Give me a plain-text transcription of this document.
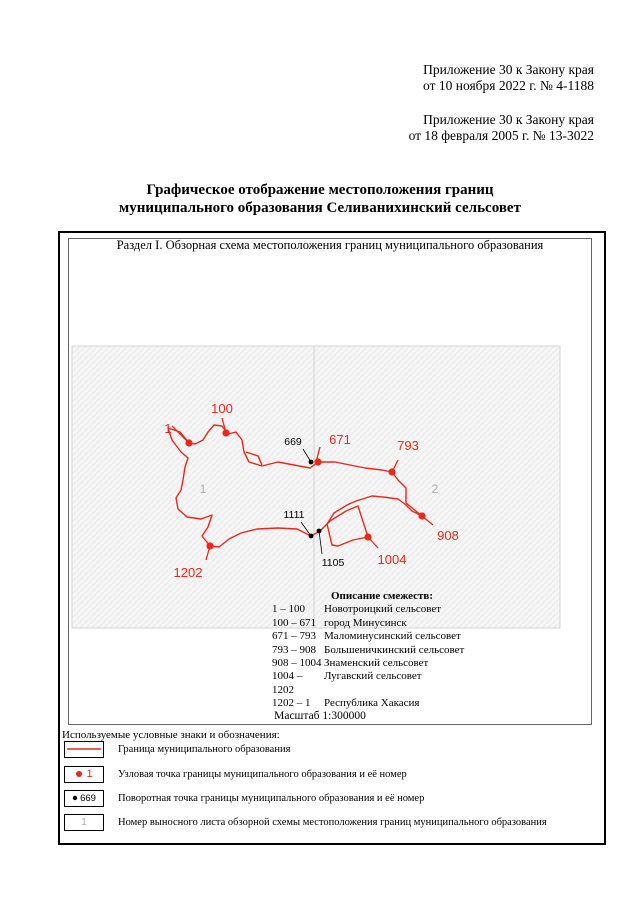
Приложение 30 к Закону края
от 10 ноября 2022 г. № 4-1188
Приложение 30 к Закону края
от 18 февраля 2005 г. № 13-3022
Графическое отображение местоположения границ
муниципального образования Селиванихинский сельсовет
Раздел I. Обзорная схема местоположения границ муниципального образования
1	2
1
100
671	793
908
1004
1202
669
1111
1105
Описание смежеств:
1 – 100	Новотроицкий сельсовет
100 – 671 город Минусинск
671 – 793 Маломинусинский сельсовет
793 – 908 Большеничкинский сельсовет
908 – 1004 Знаменский сельсовет
1004 – 1202
Лугавский сельсовет
1202 – 1	Республика Хакасия
Масштаб 1:300000
Используемые условные знаки и обозначения:
Граница муниципального образования
1 Узловая точка границы муниципального образования и её номер
669 Поворотная точка границы муниципального образования и её номер
1	Номер выносного листа обзорной схемы местоположения границ муниципального образования
